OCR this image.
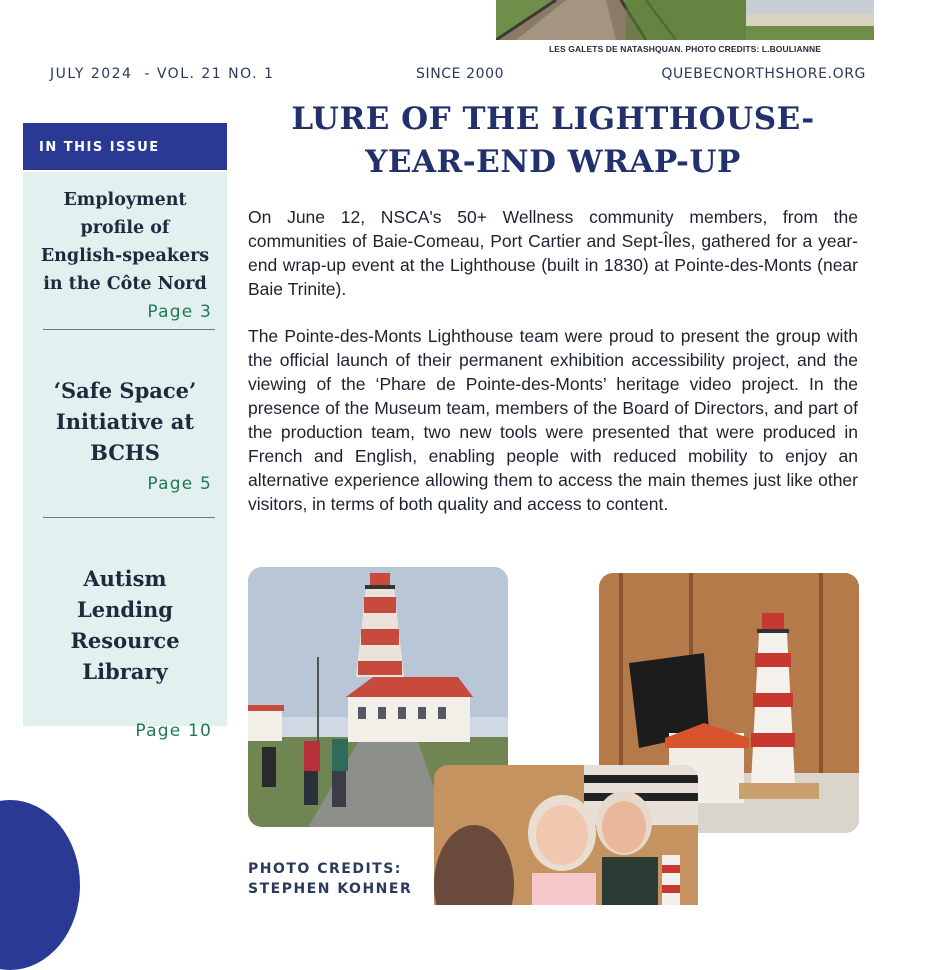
LES GALETS DE NATASHQUAN. PHOTO CREDITS: L.BOULIANNE
JULY 2024  - VOL. 21 NO. 1	SINCE 2000	QUEBECNORTHSHORE.ORG
IN THIS ISSUE

Employment profile of English-speakers in the Côte Nord

Page 3

‘Safe Space’ Initiative at BCHS

Page 5

Autism Lending Resource Library

Page 10
LURE OF THE LIGHTHOUSE-
YEAR-END WRAP-UP

On June 12, NSCA's 50+ Wellness community members, from the communities of Baie-Comeau, Port Cartier and Sept-Îles, gathered for a year-end wrap-up event at the Lighthouse (built in 1830) at Pointe-des-Monts (near Baie Trinite).

The Pointe-des-Monts Lighthouse team were proud to present the group with the official launch of their permanent exhibition accessibility project, and the viewing of the ‘Phare de Pointe-des-Monts’ heritage video project. In the presence of the Museum team, members of the Board of Directors, and part of the production team, two new tools were presented that were produced in French and English, enabling people with reduced mobility to enjoy an alternative experience allowing them to access the main themes just like other visitors, in terms of both quality and access to content.

PHOTO CREDITS:
STEPHEN KOHNER
